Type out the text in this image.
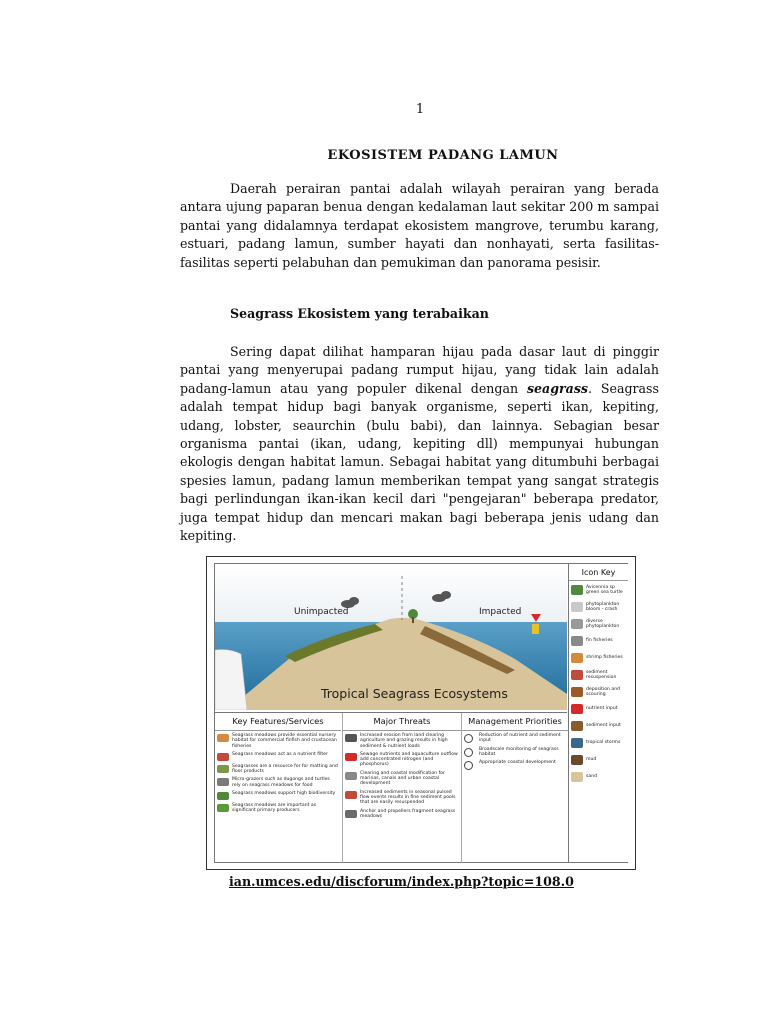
1
EKOSISTEM PADANG LAMUN

Daerah perairan pantai adalah wilayah perairan yang berada antara ujung paparan benua dengan kedalaman laut sekitar 200 m sampai pantai yang didalamnya terdapat ekosistem mangrove, terumbu karang, estuari, padang lamun, sumber hayati dan nonhayati, serta fasilitas-fasilitas seperti pelabuhan dan pemukiman dan panorama pesisir.

Seagrass Ekosistem yang terabaikan

Sering dapat dilihat hamparan hijau pada dasar laut di pinggir pantai yang menyerupai padang rumput hijau, yang tidak lain adalah padang-lamun atau yang populer dikenal dengan seagrass. Seagrass adalah tempat hidup bagi banyak organisme, seperti ikan, kepiting, udang, lobster, seaurchin (bulu babi), dan lainnya. Sebagian besar organisma pantai (ikan, udang, kepiting dll) mempunyai hubungan ekologis dengan habitat lamun. Sebagai habitat yang ditumbuhi berbagai spesies lamun, padang lamun memberikan tempat yang sangat strategis bagi perlindungan ikan-ikan kecil dari "pengejaran" beberapa predator, juga tempat hidup dan mencari makan bagi beberapa jenis udang dan kepiting.

Unimpacted	Impacted
Tropical Seagrass Ecosystems
Icon Key
Avicennia sp green sea turtle
phytoplankton bloom - crash
diverse phytoplankton
fin fisheries
shrimp fisheries
sediment resuspension
deposition and scouring
nutrient input
sediment input
tropical storms
mud
sand
Key Features/Services
Seagrass meadows provide essential nursery habitat for commercial finfish and crustacean fisheries
Seagrass meadows act as a nutrient filter
Seagrasses are a resource for for matting and floor products
Micro-grazers such as dugongs and turtles rely on seagrass meadows for food
Seagrass meadows support high biodiversity
Seagrass meadows are important as significant primary producers
Major Threats
Increased erosion from land clearing agriculture and grazing results in high sediment & nutrient loads
Sewage nutrients and aquaculture outflow add concentrated nitrogen (and phosphorus)
Clearing and coastal modification for marinas, canals and urban coastal development
Increased sediments in seasonal pulsed flow events results in fine sediment pools that are easily resuspended
Anchor and propellers fragment seagrass meadows
Management Priorities
Reduction of nutrient and sediment input
Broadscale monitoring of seagrass habitat
Appropriate coastal development
ian.umces.edu/discforum/index.php?topic=108.0
